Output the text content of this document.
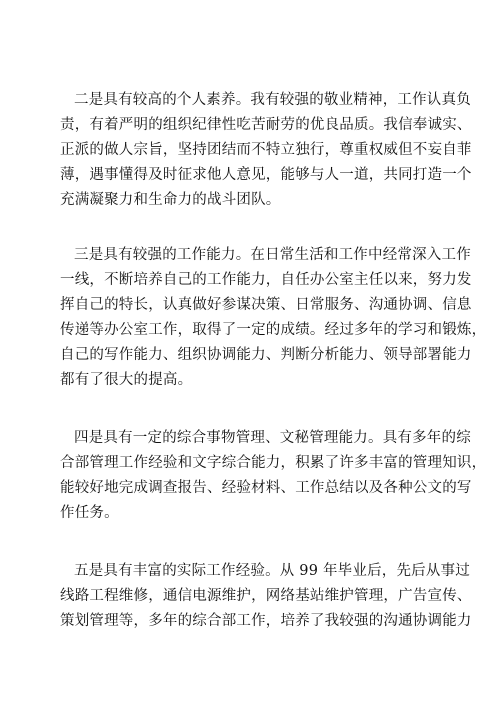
二是具有较高的个人素养。我有较强的敬业精神，工作认真负
责，有着严明的组织纪律性吃苦耐劳的优良品质。我信奉诚实、
正派的做人宗旨，坚持团结而不特立独行，尊重权威但不妄自菲
薄，遇事懂得及时征求他人意见，能够与人一道，共同打造一个
充满凝聚力和生命力的战斗团队。

三是具有较强的工作能力。在日常生活和工作中经常深入工作
一线，不断培养自己的工作能力，自任办公室主任以来，努力发
挥自己的特长，认真做好参谋决策、日常服务、沟通协调、信息
传递等办公室工作，取得了一定的成绩。经过多年的学习和锻炼，
自己的写作能力、组织协调能力、判断分析能力、领导部署能力
都有了很大的提高。

四是具有一定的综合事物管理、文秘管理能力。具有多年的综
合部管理工作经验和文字综合能力，积累了许多丰富的管理知识，
能较好地完成调查报告、经验材料、工作总结以及各种公文的写
作任务。

五是具有丰富的实际工作经验。从 99 年毕业后，先后从事过
线路工程维修，通信电源维护，网络基站维护管理，广告宣传、
策划管理等，多年的综合部工作，培养了我较强的沟通协调能力
